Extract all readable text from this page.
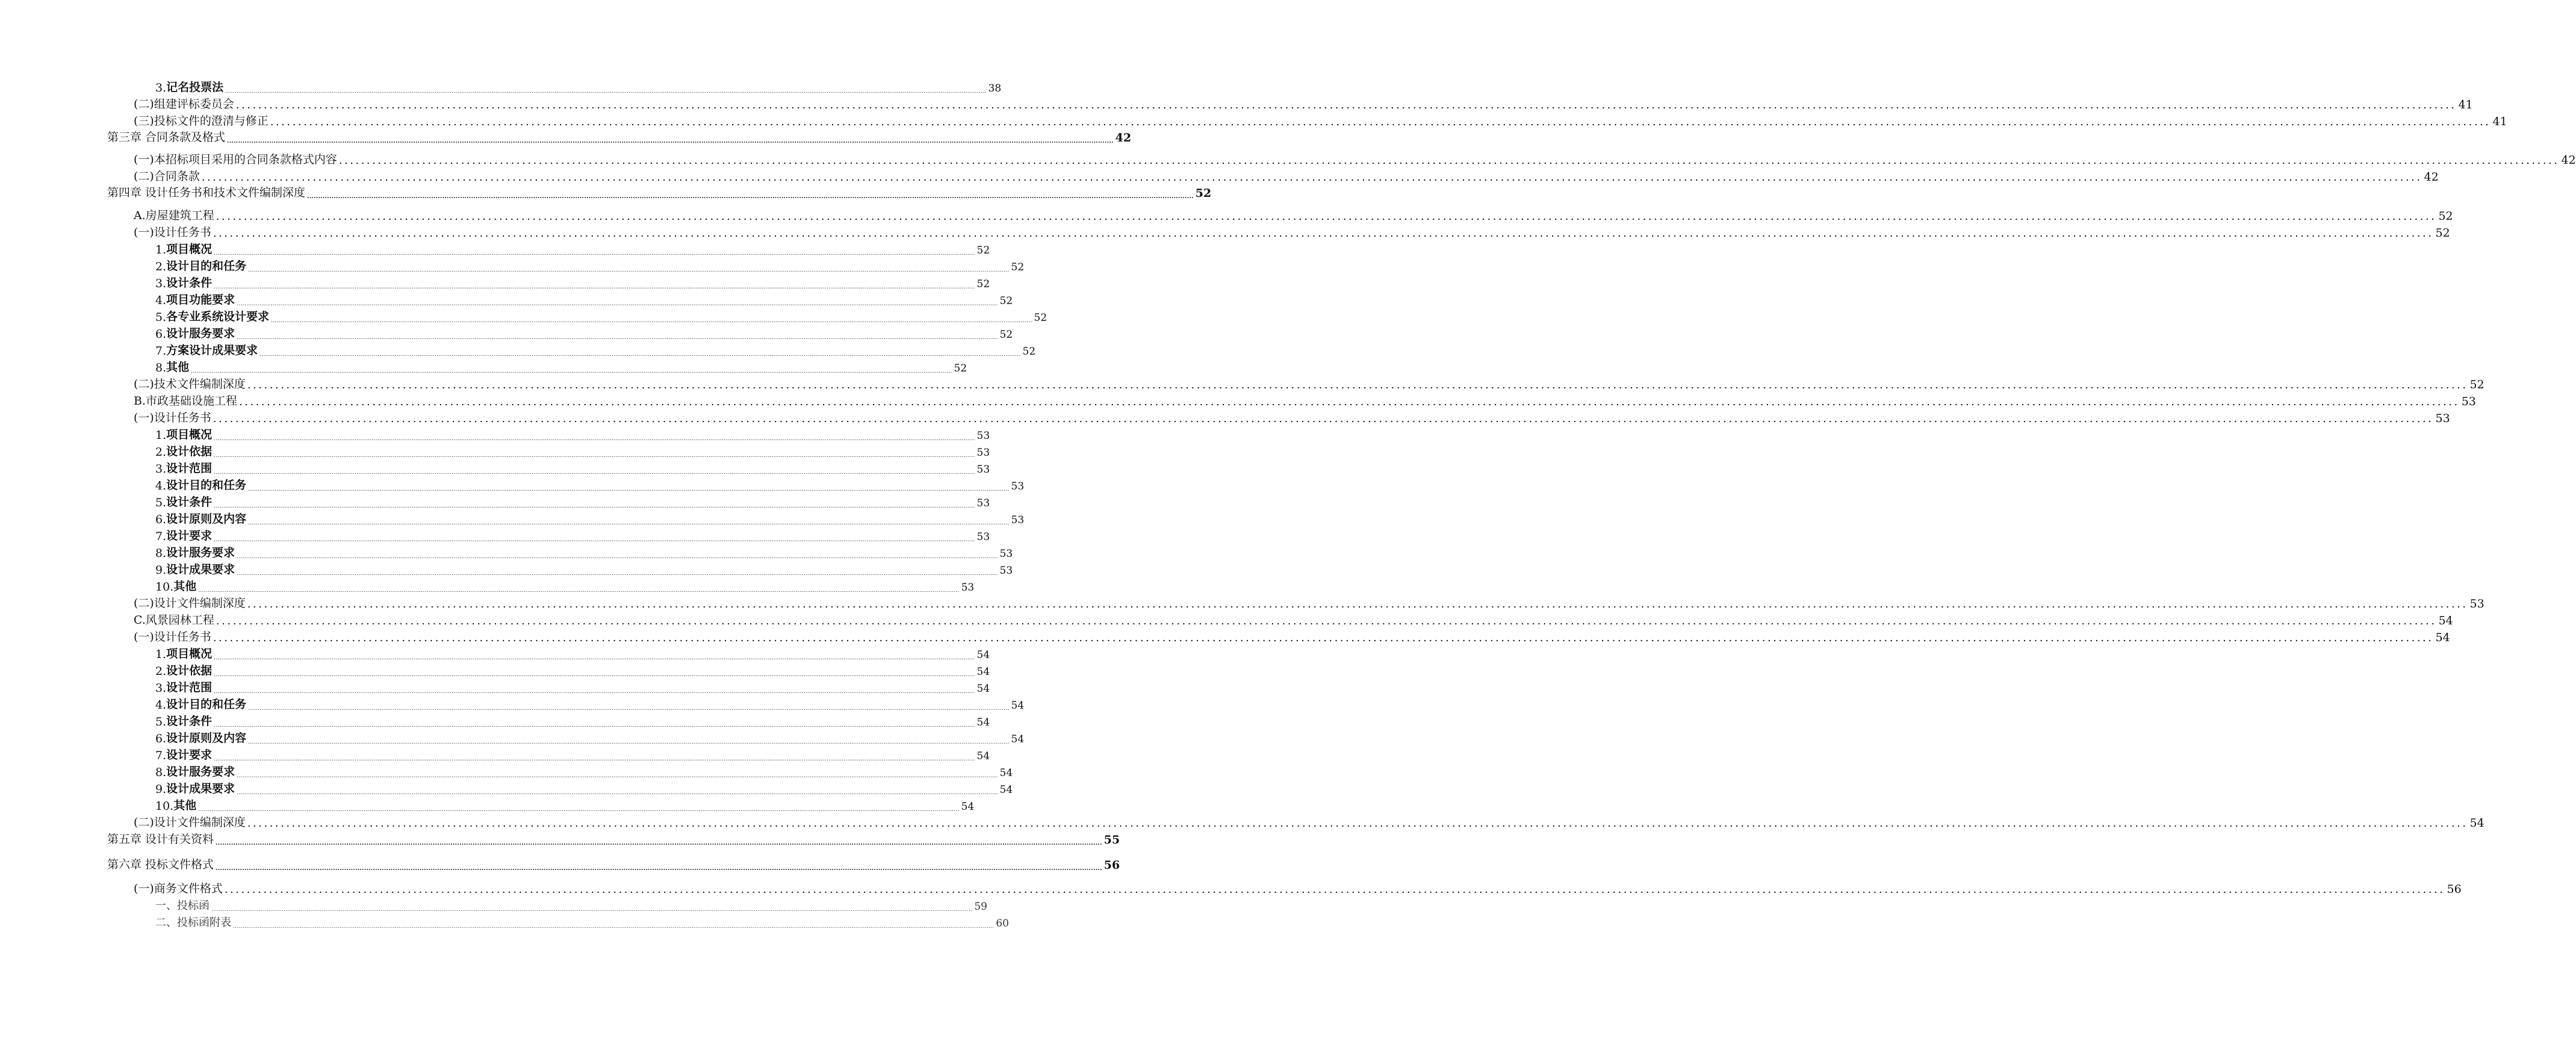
3. 记名投票法 ................................................................................................................................................................................................................................................................................................................................................................................................................ 38
(二)组建评标委员会 ................................................................................................................................................................................................................................................................................................................................................................................................................ 41
(三)投标文件的澄清与修正 ................................................................................................................................................................................................................................................................................................................................................................................................................ 41
第三章 合同条款及格式 ................................................................................................................................................................................................................................................................................................................................................................................................................ 42
(一)本招标项目采用的合同条款格式内容 ................................................................................................................................................................................................................................................................................................................................................................................................................ 42
(二)合同条款 ................................................................................................................................................................................................................................................................................................................................................................................................................ 42
第四章 设计任务书和技术文件编制深度 ................................................................................................................................................................................................................................................................................................................................................................................................................ 52
A.房屋建筑工程 ................................................................................................................................................................................................................................................................................................................................................................................................................ 52
(一)设计任务书 ................................................................................................................................................................................................................................................................................................................................................................................................................ 52
1. 项目概况 ................................................................................................................................................................................................................................................................................................................................................................................................................ 52
2. 设计目的和任务 ................................................................................................................................................................................................................................................................................................................................................................................................................ 52
3. 设计条件 ................................................................................................................................................................................................................................................................................................................................................................................................................ 52
4. 项目功能要求 ................................................................................................................................................................................................................................................................................................................................................................................................................ 52
5. 各专业系统设计要求 ................................................................................................................................................................................................................................................................................................................................................................................................................ 52
6. 设计服务要求 ................................................................................................................................................................................................................................................................................................................................................................................................................ 52
7. 方案设计成果要求 ................................................................................................................................................................................................................................................................................................................................................................................................................ 52
8. 其他 ................................................................................................................................................................................................................................................................................................................................................................................................................ 52
(二)技术文件编制深度 ................................................................................................................................................................................................................................................................................................................................................................................................................ 52
B.市政基础设施工程 ................................................................................................................................................................................................................................................................................................................................................................................................................ 53
(一)设计任务书 ................................................................................................................................................................................................................................................................................................................................................................................................................ 53
1. 项目概况 ................................................................................................................................................................................................................................................................................................................................................................................................................ 53
2. 设计依据 ................................................................................................................................................................................................................................................................................................................................................................................................................ 53
3. 设计范围 ................................................................................................................................................................................................................................................................................................................................................................................................................ 53
4. 设计目的和任务 ................................................................................................................................................................................................................................................................................................................................................................................................................ 53
5. 设计条件 ................................................................................................................................................................................................................................................................................................................................................................................................................ 53
6. 设计原则及内容 ................................................................................................................................................................................................................................................................................................................................................................................................................ 53
7. 设计要求 ................................................................................................................................................................................................................................................................................................................................................................................................................ 53
8. 设计服务要求 ................................................................................................................................................................................................................................................................................................................................................................................................................ 53
9. 设计成果要求 ................................................................................................................................................................................................................................................................................................................................................................................................................ 53
10. 其他 ................................................................................................................................................................................................................................................................................................................................................................................................................ 53
(二)设计文件编制深度 ................................................................................................................................................................................................................................................................................................................................................................................................................ 53
C.风景园林工程 ................................................................................................................................................................................................................................................................................................................................................................................................................ 54
(一)设计任务书 ................................................................................................................................................................................................................................................................................................................................................................................................................ 54
1. 项目概况 ................................................................................................................................................................................................................................................................................................................................................................................................................ 54
2. 设计依据 ................................................................................................................................................................................................................................................................................................................................................................................................................ 54
3. 设计范围 ................................................................................................................................................................................................................................................................................................................................................................................................................ 54
4. 设计目的和任务 ................................................................................................................................................................................................................................................................................................................................................................................................................ 54
5. 设计条件 ................................................................................................................................................................................................................................................................................................................................................................................................................ 54
6. 设计原则及内容 ................................................................................................................................................................................................................................................................................................................................................................................................................ 54
7. 设计要求 ................................................................................................................................................................................................................................................................................................................................................................................................................ 54
8. 设计服务要求 ................................................................................................................................................................................................................................................................................................................................................................................................................ 54
9. 设计成果要求 ................................................................................................................................................................................................................................................................................................................................................................................................................ 54
10. 其他 ................................................................................................................................................................................................................................................................................................................................................................................................................ 54
(二)设计文件编制深度 ................................................................................................................................................................................................................................................................................................................................................................................................................ 54
第五章 设计有关资料 ................................................................................................................................................................................................................................................................................................................................................................................................................ 55
第六章 投标文件格式 ................................................................................................................................................................................................................................................................................................................................................................................................................ 56
(一)商务文件格式 ................................................................................................................................................................................................................................................................................................................................................................................................................ 56
一、投标函 ................................................................................................................................................................................................................................................................................................................................................................................................................ 59
二、投标函附表 ................................................................................................................................................................................................................................................................................................................................................................................................................ 60
